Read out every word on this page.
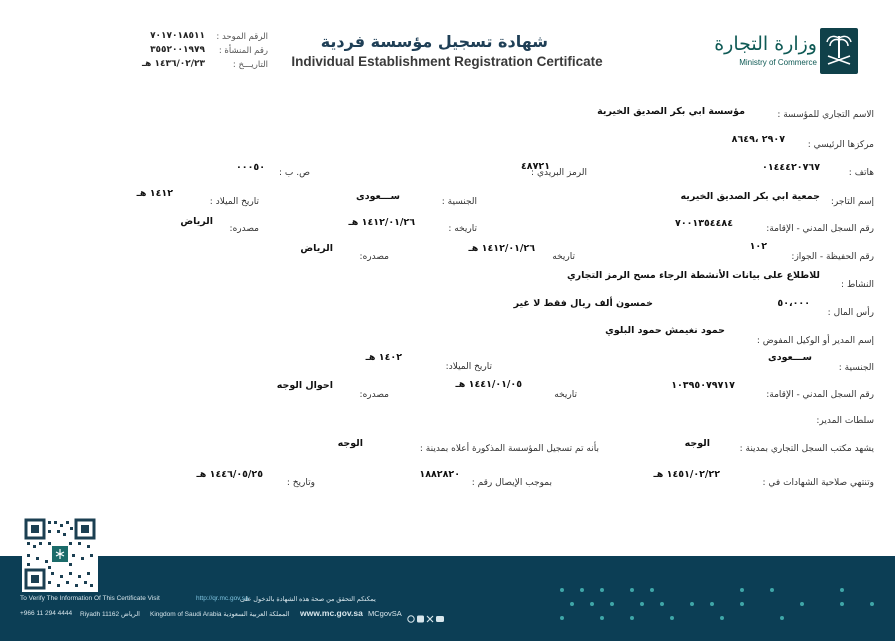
وزارة التجارة
Ministry of Commerce
شهادة تسجيل مؤسسة فردية
Individual Establishment Registration Certificate
الرقم الموحد :
٧٠١٧٠١٨٥١١
رقم المنشأة :
٣٥٥٢٠٠١٩٧٩
التاريـــخ :
١٤٣٦/٠٢/٢٣ هـ
الاسم التجاري للمؤسسة :
مؤسسة ابي بكر الصديق الخيرية
مركزها الرئيسي :
٢٩٠٧ ،٨٦٤٩
هاتف :
٠١٤٤٤٢٠٧٦٧
الرمز البريدي :
٤٨٧٢١
ص. ب :
٠٠٠٥٠
إسم التاجر:
جمعية ابي بكر الصديق الخيريه
الجنسية :
ســـعودى
تاريخ الميلاد :
١٤١٢ هـ
رقم السجل المدني - الإقامة:
٧٠٠١٣٥٤٤٨٤
تاريخه :
١٤١٢/٠١/٢٦ هـ
مصدره:
الرياض
رقم الحفيظة - الجواز:
١٠٢
تاريخه
١٤١٢/٠١/٢٦ هـ
مصدره:
الرياض
النشاط :
للاطلاع على بيانات الأنشطة الرجاء مسح الرمز التجاري
رأس المال :
٥٠،٠٠٠
خمسون ألف
ريال فقط لا غير
إسم المدير أو الوكيل المفوض :
حمود نغيمش حمود البلوي
الجنسية :
ســـعودى
تاريخ الميلاد:
١٤٠٢ هـ
رقم السجل المدني - الإقامة:
١٠٣٩٥٠٧٩٧١٧
تاريخه
١٤٤١/٠١/٠٥ هـ
مصدره:
احوال الوجه
سلطات المدير:
يشهد مكتب السجل التجاري بمدينة :
الوجه
بأنه تم تسجيل المؤسسة المذكورة أعلاه بمدينة :
الوجه
وتنتهي صلاحية الشهادات في :
١٤٥١/٠٢/٢٢ هـ
بموجب الإيصال رقم :
١٨٨٢٨٢٠
وتاريخ :
١٤٤٦/٠٥/٢٥ هـ
To Verify The Information Of This Certificate Visit	http://qr.mc.gov.sa
يمكنكم التحقق من صحة هذه الشهادة بالدخول على
+966 11 294 4444 Riyadh 11162 الرياض Kingdom of Saudi Arabia المملكة العربية السعودية www.mc.gov.sa MCgovSA
